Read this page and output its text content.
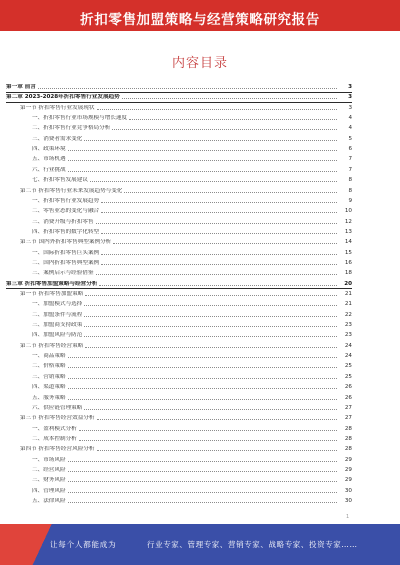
折扣零售加盟策略与经营策略研究报告
内容目录
第一章 前言	3
第二章 2023-2028年折扣零售行业发展趋势	3
第一节 折扣零售行业发展现状	3
一、折扣零售行业市场规模与增长速度	4
二、折扣零售行业竞争格局分析	4
三、消费者需求变化	5
四、政策环境	6
五、市场机遇	7
六、行业挑战	7
七、折扣零售发展建议	8
第二节 折扣零售行业未来发展趋势与变化	8
一、折扣零售行业发展趋势	9
二、零售业态的变化与融合	10
三、消费升级与折扣零售	12
四、折扣零售的数字化转型	13
第三节 国内外折扣零售典型案例分析	14
一、国际折扣零售巨头案例	15
二、国内折扣零售典型案例	16
三、案例启示与经验借鉴	18
第三章 折扣零售加盟策略与经营分析	20
第一节 折扣零售加盟策略	21
一、加盟模式与选择	21
二、加盟条件与流程	22
三、加盟商支持政策	23
四、加盟风险与防范	23
第二节 折扣零售经营策略	24
一、商品策略	24
二、价格策略	25
三、营销策略	25
四、渠道策略	26
五、服务策略	26
六、供应链管理策略	27
第三节 折扣零售经营效益分析	27
一、盈利模式分析	28
二、成本控制分析	28
第四节 折扣零售经营风险分析	28
一、市场风险	29
二、经营风险	29
三、财务风险	29
四、管理风险	30
五、法律风险	30
1
让每个人都能成为	行业专家、管理专家、营销专家、战略专家、投资专家……
